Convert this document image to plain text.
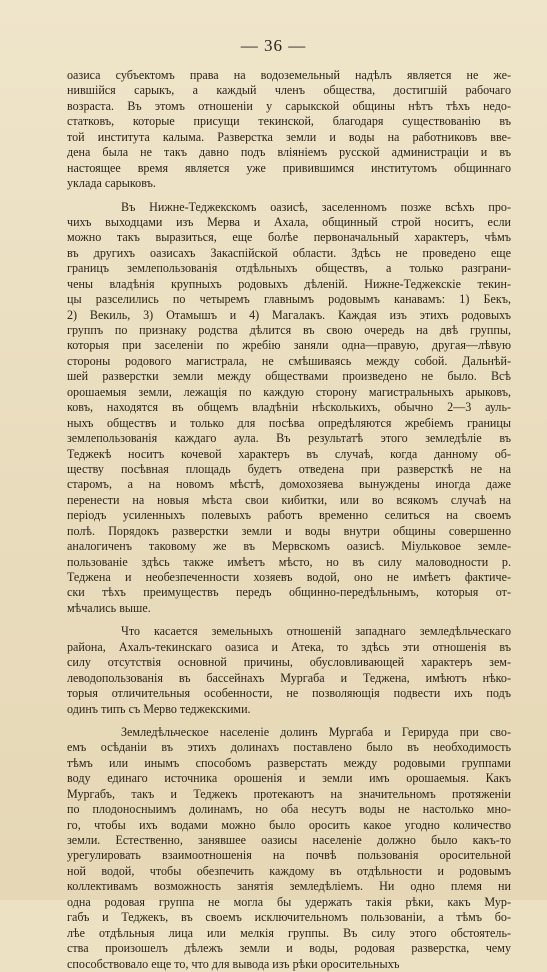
— 36 —
оазиса субъектомъ права на водоземельный надѣлъ является не же-
нившійся сарыкъ, а каждый членъ общества, достигшій рабочаго
возраста. Въ этомъ отношеніи у сарыкской общины нѣтъ тѣхъ недо-
статковъ, которые присущи текинской, благодаря существованію въ
той института калыма. Разверстка земли и воды на работниковъ вве-
дена была не такъ давно подъ вліяніемъ русской администраціи и въ
настоящее время является уже привившимся институтомъ общиннаго
уклада сарыковъ.
Въ Нижне-Теджекскомъ оазисѣ, заселенномъ позже всѣхъ про-
чихъ выходцами изъ Мерва и Ахала, общинный строй носитъ, если
можно такъ выразиться, еще болѣе первоначальный характеръ, чѣмъ
въ другихъ оазисахъ Закаспійской области. Здѣсь не проведено еще
границъ землепользованія отдѣльныхъ обществъ, а только разграни-
чены владѣнія крупныхъ родовыхъ дѣленій. Нижне-Теджекскіе текин-
цы разселились по четыремъ главнымъ родовымъ канавамъ: 1) Бекъ,
2) Векиль, 3) Отамышъ и 4) Магалакъ. Каждая изъ этихъ родовыхъ
группъ по признаку родства дѣлится въ свою очередь на двѣ группы,
которыя при заселеніи по жребію заняли одна—правую, другая—лѣвую
стороны родового магистрала, не смѣшиваясь между собой. Дальнѣй-
шей разверстки земли между обществами произведено не было. Всѣ
орошаемыя земли, лежащія по каждую сторону магистральныхъ арыковъ,
ковъ, находятся въ общемъ владѣніи нѣсколькихъ, обычно 2—3 ауль-
ныхъ обществъ и только для посѣва опредѣляются жребіемъ границы
землепользованія каждаго аула. Въ результатѣ этого земледѣліе въ
Теджекѣ носитъ кочевой характеръ въ случаѣ, когда данному об-
ществу посѣвная площадь будетъ отведена при разверсткѣ не на
старомъ, а на новомъ мѣстѣ, домохозяева вынуждены иногда даже
перенести на новыя мѣста свои кибитки, или во всякомъ случаѣ на
періодъ усиленныхъ полевыхъ работъ временно селиться на своемъ
полѣ. Порядокъ разверстки земли и воды внутри общины совершенно
аналогиченъ таковому же въ Мервскомъ оазисѣ. Міульковое земле-
пользованіе здѣсь также имѣетъ мѣсто, но въ силу маловодности р.
Теджена и необезпеченности хозяевъ водой, оно не имѣетъ фактиче-
ски тѣхъ преимуществъ передъ общинно-передѣльнымъ, которыя от-
мѣчались выше.
Что касается земельныхъ отношеній западнаго земледѣльческаго
района, Ахалъ-текинскаго оазиса и Атека, то здѣсь эти отношенія въ
силу отсутствія основной причины, обусловливающей характеръ зем-
леводопользованія въ бассейнахъ Мургаба и Теджена, имѣютъ нѣко-
торыя отличительныя особенности, не позволяющія подвести ихъ подъ
одинъ типъ съ Мерво теджекскими.
Земледѣльческое населеніе долинъ Мургаба и Герируда при сво-
емъ осѣданіи въ этихъ долинахъ поставлено было въ необходимость
тѣмъ или инымъ способомъ разверстать между родовыми группами
воду единаго источника орошенія и земли имъ орошаемыя. Какъ
Мургабъ, такъ и Теджекъ протекаютъ на значительномъ протяженіи
по плодоносныимъ долинамъ, но оба несутъ воды не настолько мно-
го, чтобы ихъ водами можно было оросить какое угодно количество
земли. Естественно, занявшее оазисы населеніе должно было какъ-то
урегулировать взаимоотношенія на почвѣ пользованія оросительной
ной водой, чтобы обезпечить каждому въ отдѣльности и родовымъ
коллективамъ возможность занятія земледѣліемъ. Ни одно племя ни
одна родовая группа не могла бы удержать такія рѣки, какъ Мур-
габъ и Теджекъ, въ своемъ исключительномъ пользованіи, а тѣмъ бо-
лѣе отдѣльныя лица или мелкія группы. Въ силу этого обстоятель-
ства произошелъ дѣлежъ земли и воды, родовая разверстка, чему
способствовало еще то, что для вывода изъ рѣки оросительныхъ
